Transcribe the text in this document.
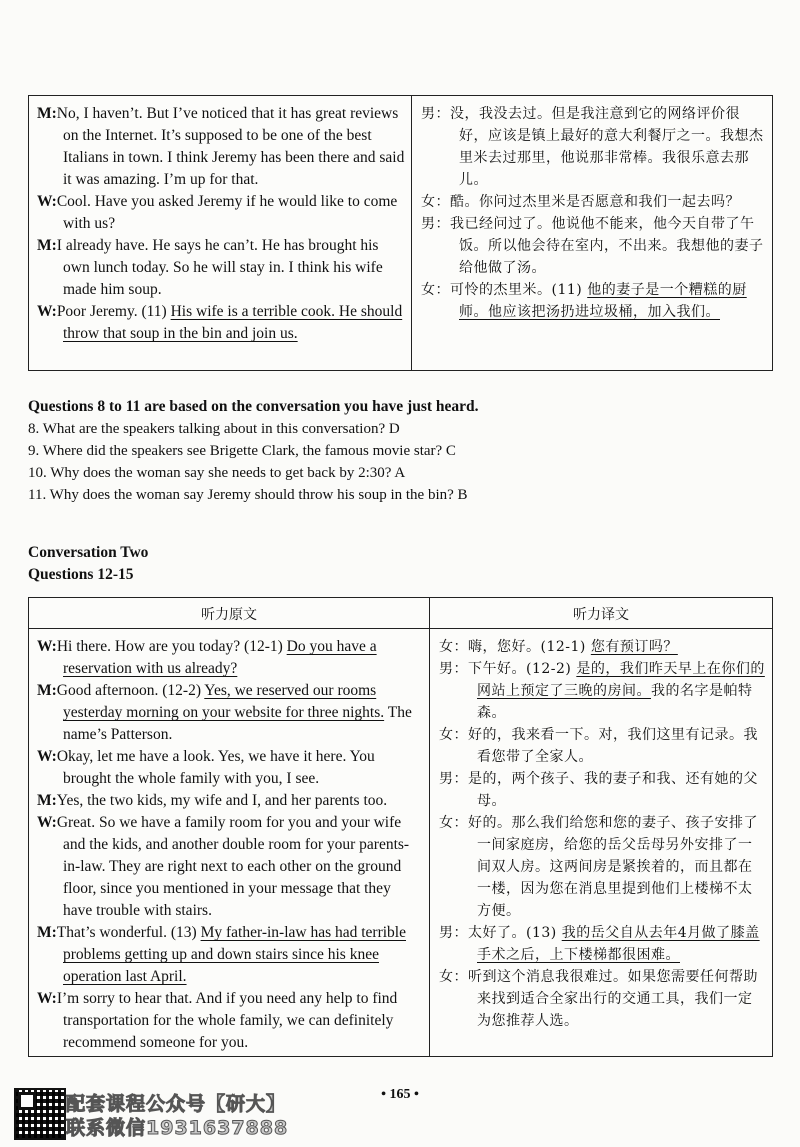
M:No, I haven’t. But I’ve noticed that it has great reviews on the Internet. It’s supposed to be one of the best Italians in town. I think Jeremy has been there and said it was amazing. I’m up for that.
W:Cool. Have you asked Jeremy if he would like to come with us?
M:I already have. He says he can’t. He has brought his own lunch today. So he will stay in. I think his wife made him soup.
W:Poor Jeremy. (11) His wife is a terrible cook. He should throw that soup in the bin and join us.
男：没，我没去过。但是我注意到它的网络评价很好，应该是镇上最好的意大利餐厅之一。我想杰里米去过那里，他说那非常棒。我很乐意去那儿。
女：酷。你问过杰里米是否愿意和我们一起去吗？
男：我已经问过了。他说他不能来，他今天自带了午饭。所以他会待在室内，不出来。我想他的妻子给他做了汤。
女：可怜的杰里米。(11) 他的妻子是一个糟糕的厨师。他应该把汤扔进垃圾桶，加入我们。
Questions 8 to 11 are based on the conversation you have just heard.
8. What are the speakers talking about in this conversation? D
9. Where did the speakers see Brigette Clark, the famous movie star? C
10. Why does the woman say she needs to get back by 2:30? A
11. Why does the woman say Jeremy should throw his soup in the bin? B
Conversation Two
Questions 12-15
听力原文	听力译文
W:Hi there. How are you today? (12-1) Do you have a reservation with us already?
M:Good afternoon. (12-2) Yes, we reserved our rooms yesterday morning on your website for three nights. The name’s Patterson.
W:Okay, let me have a look. Yes, we have it here. You brought the whole family with you, I see.
M:Yes, the two kids, my wife and I, and her parents too.
W:Great. So we have a family room for you and your wife and the kids, and another double room for your parents-in-law. They are right next to each other on the ground floor, since you mentioned in your message that they have trouble with stairs.
M:That’s wonderful. (13) My father-in-law has had terrible problems getting up and down stairs since his knee operation last April.
W:I’m sorry to hear that. And if you need any help to find transportation for the whole family, we can definitely recommend someone for you.
女：嗨，您好。(12-1) 您有预订吗？
男：下午好。(12-2) 是的，我们昨天早上在你们的网站上预定了三晚的房间。我的名字是帕特森。
女：好的，我来看一下。对，我们这里有记录。我看您带了全家人。
男：是的，两个孩子、我的妻子和我、还有她的父母。
女：好的。那么我们给您和您的妻子、孩子安排了一间家庭房，给您的岳父岳母另外安排了一间双人房。这两间房是紧挨着的，而且都在一楼，因为您在消息里提到他们上楼梯不太方便。
男：太好了。(13) 我的岳父自从去年4月做了膝盖手术之后，上下楼梯都很困难。
女：听到这个消息我很难过。如果您需要任何帮助来找到适合全家出行的交通工具，我们一定为您推荐人选。
• 165 •
配套课程公众号【研大】
联系微信1931637888
